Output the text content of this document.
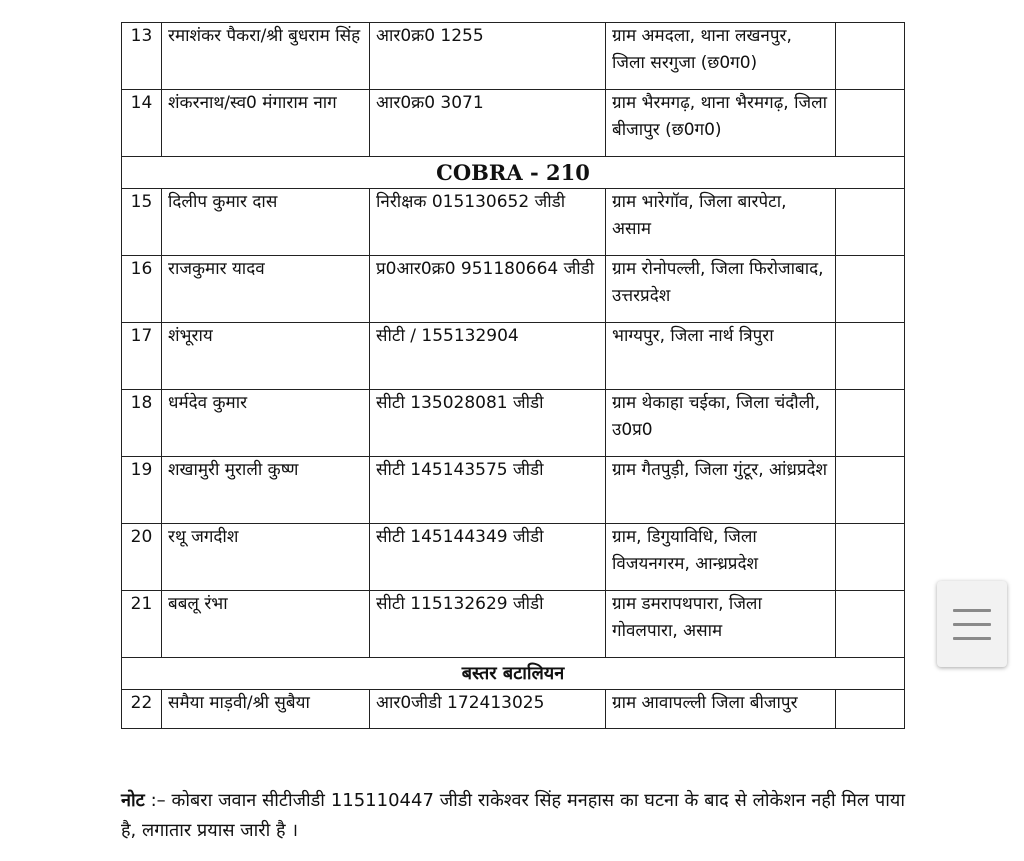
13	रमाशंकर पैकरा/श्री बुधराम सिंह	आर0क्र0 1255	ग्राम अमदला, थाना लखनपुर, जिला सरगुजा (छ0ग0)	
14	शंकरनाथ/स्व0 मंगाराम नाग	आर0क्र0 3071	ग्राम भैरमगढ़, थाना भैरमगढ़, जिला बीजापुर (छ0ग0)	
COBRA - 210				
15	दिलीप कुमार दास	निरीक्षक 015130652 जीडी	ग्राम भारेगॉव, जिला बारपेटा, असाम	
16	राजकुमार यादव	प्र0आर0क्र0 951180664 जीडी	ग्राम रोनोपल्ली, जिला फिरोजाबाद, उत्तरप्रदेश	
17	शंभूराय	सीटी / 155132904	भाग्यपुर, जिला नार्थ त्रिपुरा	
18	धर्मदेव कुमार	सीटी 135028081 जीडी	ग्राम थेकाहा चईका, जिला चंदौली, उ0प्र0	
19	शखामुरी मुराली कुष्ण	सीटी 145143575 जीडी	ग्राम गैतपुड़ी, जिला गुंटूर, आंध्रप्रदेश	
20	रथू जगदीश	सीटी 145144349 जीडी	ग्राम, डिगुयाविधि, जिला विजयनगरम, आन्ध्रप्रदेश	
21	बबलू रंभा	सीटी 115132629 जीडी	ग्राम डमरापथपारा, जिला गोवलपारा, असाम	
बस्तर बटालियन				
22	समैया माड़वी/श्री सुबैया	आर0जीडी 172413025	ग्राम आवापल्ली जिला बीजापुर	
नोट :– कोबरा जवान सीटीजीडी 115110447 जीडी राकेश्वर सिंह मनहास का घटना के बाद से लोकेशन नही मिल पाया है, लगातार प्रयास जारी है ।
